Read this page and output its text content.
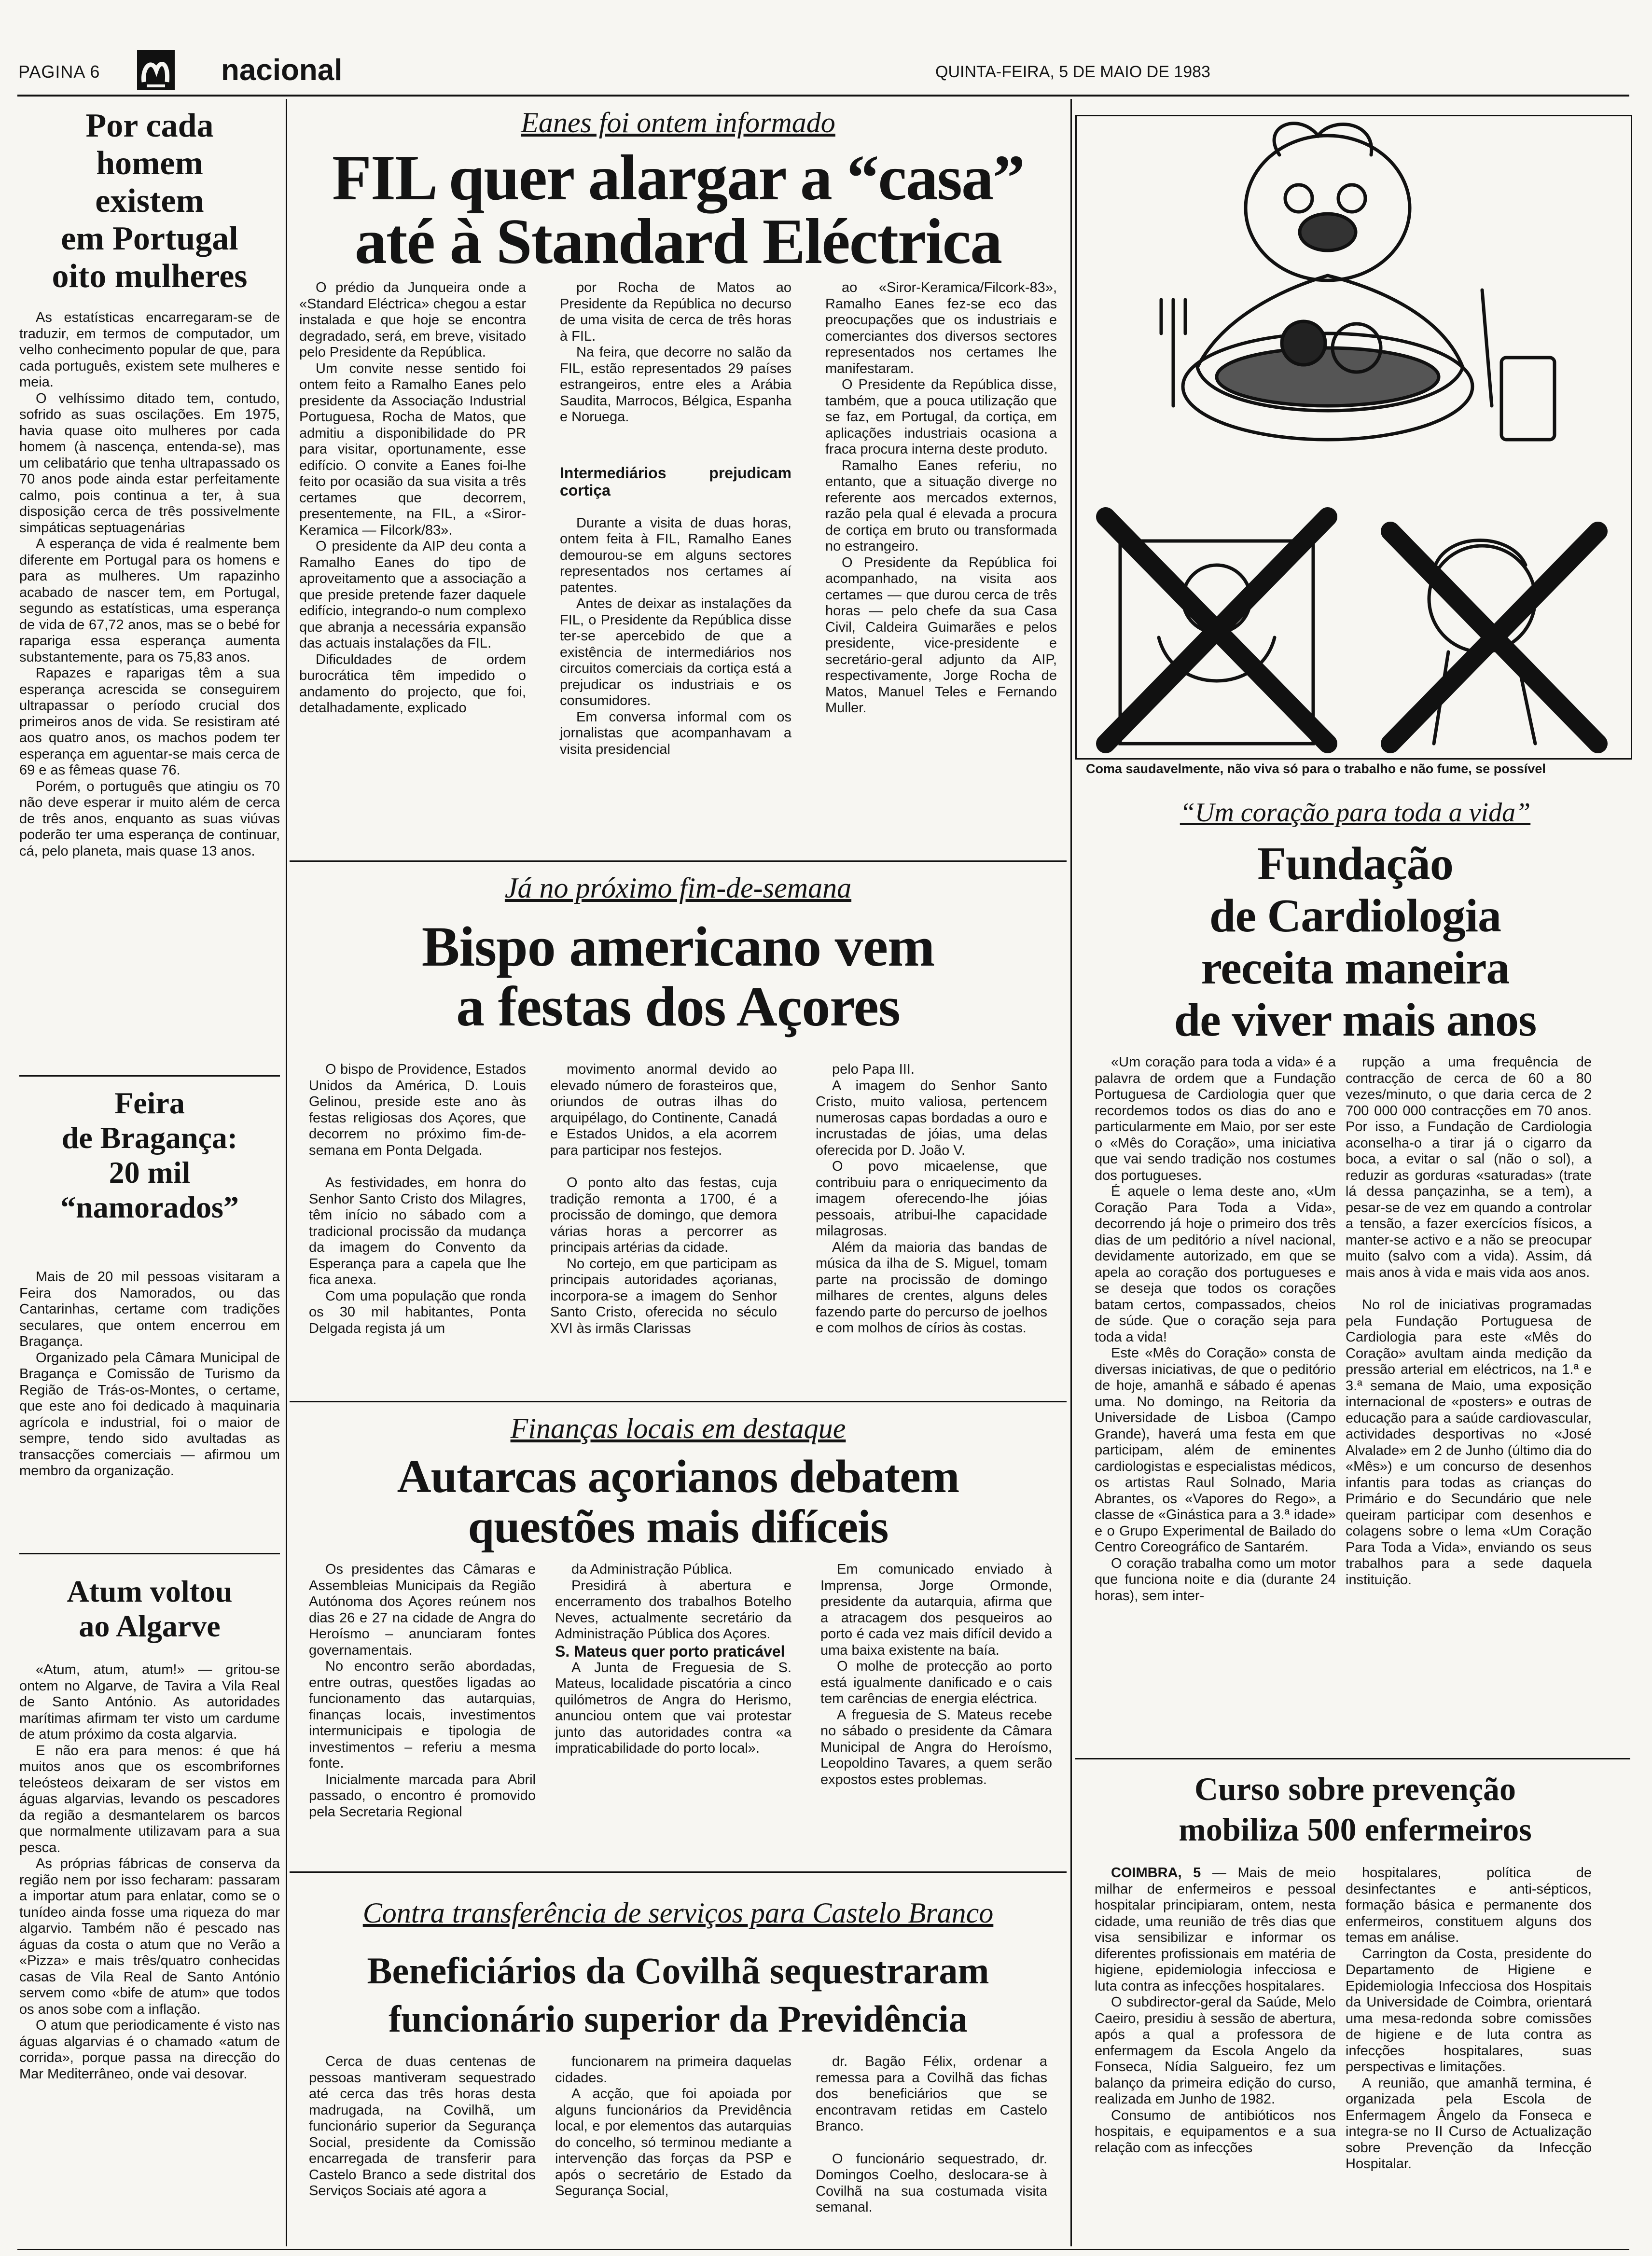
PAGINA 6	nacional	QUINTA-FEIRA, 5 DE MAIO DE 1983
Por cada
homem
existem
em Portugal
oito mulheres

As estatísticas encarregaram-se de traduzir, em termos de computador, um velho conhecimento popular de que, para cada português, existem sete mulheres e meia.

O velhíssimo ditado tem, contudo, sofrido as suas oscilações. Em 1975, havia quase oito mulheres por cada homem (à nascença, entenda-se), mas um celibatário que tenha ultrapassado os 70 anos pode ainda estar perfeitamente calmo, pois continua a ter, à sua disposição cerca de três possivelmente simpáticas septuagenárias

A esperança de vida é realmente bem diferente em Portugal para os homens e para as mulheres. Um rapazinho acabado de nascer tem, em Portugal, segundo as estatísticas, uma esperança de vida de 67,72 anos, mas se o bebé for rapariga essa esperança aumenta substantemente, para os 75,83 anos.

Rapazes e raparigas têm a sua esperança acrescida se conseguirem ultrapassar o período crucial dos primeiros anos de vida. Se resistiram até aos quatro anos, os machos podem ter esperança em aguentar-se mais cerca de 69 e as fêmeas quase 76.

Porém, o português que atingiu os 70 não deve esperar ir muito além de cerca de três anos, enquanto as suas viúvas poderão ter uma esperança de continuar, cá, pelo planeta, mais quase 13 anos.

Feira
de Bragança:
20 mil
“namorados”

Mais de 20 mil pessoas visitaram a Feira dos Namorados, ou das Cantarinhas, certame com tradições seculares, que ontem encerrou em Bragança.

Organizado pela Câmara Municipal de Bragança e Comissão de Turismo da Região de Trás-os-Montes, o certame, que este ano foi dedicado à maquinaria agrícola e industrial, foi o maior de sempre, tendo sido avultadas as transacções comerciais — afirmou um membro da organização.

Atum voltou
ao Algarve

«Atum, atum, atum!» — gritou-se ontem no Algarve, de Tavira a Vila Real de Santo António. As autoridades marítimas afirmam ter visto um cardume de atum próximo da costa algarvia.

E não era para menos: é que há muitos anos que os escombrifornes teleósteos deixaram de ser vistos em águas algarvias, levando os pescadores da região a desmantelarem os barcos que normalmente utilizavam para a sua pesca.

As próprias fábricas de conserva da região nem por isso fecharam: passaram a importar atum para enlatar, como se o tunídeo ainda fosse uma riqueza do mar algarvio. Também não é pescado nas águas da costa o atum que no Verão a «Pizza» e mais três/quatro conhecidas casas de Vila Real de Santo António servem como «bife de atum» que todos os anos sobe com a inflação.

O atum que periodicamente é visto nas águas algarvias é o chamado «atum de corrida», porque passa na direcção do Mar Mediterrâneo, onde vai desovar.

Eanes foi ontem informado
FIL quer alargar a “casa”
até à Standard Eléctrica

O prédio da Junqueira onde a «Standard Eléctrica» chegou a estar instalada e que hoje se encontra degradado, será, em breve, visitado pelo Presidente da República.

Um convite nesse sentido foi ontem feito a Ramalho Eanes pelo presidente da Associação Industrial Portuguesa, Rocha de Matos, que admitiu a disponibilidade do PR para visitar, oportunamente, esse edifício. O convite a Eanes foi-lhe feito por ocasião da sua visita a três certames que decorrem, presentemente, na FIL, a «Siror-Keramica — Filcork/83».

O presidente da AIP deu conta a Ramalho Eanes do tipo de aproveitamento que a associação a que preside pretende fazer daquele edifício, integrando-o num complexo que abranja a necessária expansão das actuais instalações da FIL.

Dificuldades de ordem burocrática têm impedido o andamento do projecto, que foi, detalhadamente, explicado

por Rocha de Matos ao Presidente da República no decurso de uma visita de cerca de três horas à FIL.

Na feira, que decorre no salão da FIL, estão representados 29 países estrangeiros, entre eles a Arábia Saudita, Marrocos, Bélgica, Espanha e Noruega.

Intermediários prejudicam cortiça

Durante a visita de duas horas, ontem feita à FIL, Ramalho Eanes demourou-se em alguns sectores representados nos certames aí patentes.

Antes de deixar as instalações da FIL, o Presidente da República disse ter-se apercebido de que a existência de intermediários nos circuitos comerciais da cortiça está a prejudicar os industriais e os consumidores.

Em conversa informal com os jornalistas que acompanhavam a visita presidencial

ao «Siror-Keramica/Filcork-83», Ramalho Eanes fez-se eco das preocupações que os industriais e comerciantes dos diversos sectores representados nos certames lhe manifestaram.

O Presidente da República disse, também, que a pouca utilização que se faz, em Portugal, da cortiça, em aplicações industriais ocasiona a fraca procura interna deste produto.

Ramalho Eanes referiu, no entanto, que a situação diverge no referente aos mercados externos, razão pela qual é elevada a procura de cortiça em bruto ou transformada no estrangeiro.

O Presidente da República foi acompanhado, na visita aos certames — que durou cerca de três horas — pelo chefe da sua Casa Civil, Caldeira Guimarães e pelos presidente, vice-presidente e secretário-geral adjunto da AIP, respectivamente, Jorge Rocha de Matos, Manuel Teles e Fernando Muller.

Já no próximo fim-de-semana
Bispo americano vem
a festas dos Açores

O bispo de Providence, Estados Unidos da América, D. Louis Gelinou, preside este ano às festas religiosas dos Açores, que decorrem no próximo fim-de-semana em Ponta Delgada.

As festividades, em honra do Senhor Santo Cristo dos Milagres, têm início no sábado com a tradicional procissão da mudança da imagem do Convento da Esperança para a capela que lhe fica anexa.

Com uma população que ronda os 30 mil habitantes, Ponta Delgada regista já um

movimento anormal devido ao elevado número de forasteiros que, oriundos de outras ilhas do arquipélago, do Continente, Canadá e Estados Unidos, a ela acorrem para participar nos festejos.

O ponto alto das festas, cuja tradição remonta a 1700, é a procissão de domingo, que demora várias horas a percorrer as principais artérias da cidade.

No cortejo, em que participam as principais autoridades açorianas, incorpora-se a imagem do Senhor Santo Cristo, oferecida no século XVI às irmãs Clarissas

pelo Papa III.

A imagem do Senhor Santo Cristo, muito valiosa, pertencem numerosas capas bordadas a ouro e incrustadas de jóias, uma delas oferecida por D. João V.

O povo micaelense, que contribuiu para o enriquecimento da imagem oferecendo-lhe jóias pessoais, atribui-lhe capacidade milagrosas.

Além da maioria das bandas de música da ilha de S. Miguel, tomam parte na procissão de domingo milhares de crentes, alguns deles fazendo parte do percurso de joelhos e com molhos de círios às costas.

Finanças locais em destaque
Autarcas açorianos debatem
questões mais difíceis

Os presidentes das Câmaras e Assembleias Municipais da Região Autónoma dos Açores reúnem nos dias 26 e 27 na cidade de Angra do Heroísmo – anunciaram fontes governamentais.

No encontro serão abordadas, entre outras, questões ligadas ao funcionamento das autarquias, finanças locais, investimentos intermunicipais e tipologia de investimentos – referiu a mesma fonte.

Inicialmente marcada para Abril passado, o encontro é promovido pela Secretaria Regional

da Administração Pública.

Presidirá à abertura e encerramento dos trabalhos Botelho Neves, actualmente secretário da Administração Pública dos Açores.

S. Mateus quer porto praticável

A Junta de Freguesia de S. Mateus, localidade piscatória a cinco quilómetros de Angra do Herismo, anunciou ontem que vai protestar junto das autoridades contra «a impraticabilidade do porto local».

Em comunicado enviado à Imprensa, Jorge Ormonde, presidente da autarquia, afirma que a atracagem dos pesqueiros ao porto é cada vez mais difícil devido a uma baixa existente na baía.

O molhe de protecção ao porto está igualmente danificado e o cais tem carências de energia eléctrica.

A freguesia de S. Mateus recebe no sábado o presidente da Câmara Municipal de Angra do Heroísmo, Leopoldino Tavares, a quem serão expostos estes problemas.

Contra transferência de serviços para Castelo Branco
Beneficiários da Covilhã sequestraram
funcionário superior da Previdência

Cerca de duas centenas de pessoas mantiveram sequestrado até cerca das três horas desta madrugada, na Covilhã, um funcionário superior da Segurança Social, presidente da Comissão encarregada de transferir para Castelo Branco a sede distrital dos Serviços Sociais até agora a

funcionarem na primeira daquelas cidades.

A acção, que foi apoiada por alguns funcionários da Previdência local, e por elementos das autarquias do concelho, só terminou mediante a intervenção das forças da PSP e após o secretário de Estado da Segurança Social,

dr. Bagão Félix, ordenar a remessa para a Covilhã das fichas dos beneficiários que se encontravam retidas em Castelo Branco.

O funcionário sequestrado, dr. Domingos Coelho, deslocara-se à Covilhã na sua costumada visita semanal.

Coma saudavelmente, não viva só para o trabalho e não fume, se possível
“Um coração para toda a vida”
Fundação
de Cardiologia
receita maneira
de viver mais anos

«Um coração para toda a vida» é a palavra de ordem que a Fundação Portuguesa de Cardiologia quer que recordemos todos os dias do ano e particularmente em Maio, por ser este o «Mês do Coração», uma iniciativa que vai sendo tradição nos costumes dos portugueses.

É aquele o lema deste ano, «Um Coração Para Toda a Vida», decorrendo já hoje o primeiro dos três dias de um peditório a nível nacional, devidamente autorizado, em que se apela ao coração dos portugueses e se deseja que todos os corações batam certos, compassados, cheios de súde. Que o coração seja para toda a vida!

Este «Mês do Coração» consta de diversas iniciativas, de que o peditório de hoje, amanhã e sábado é apenas uma. No domingo, na Reitoria da Universidade de Lisboa (Campo Grande), haverá uma festa em que participam, além de eminentes cardiologistas e especialistas médicos, os artistas Raul Solnado, Maria Abrantes, os «Vapores do Rego», a classe de «Ginástica para a 3.ª idade» e o Grupo Experimental de Bailado do Centro Coreográfico de Santarém.

O coração trabalha como um motor que funciona noite e dia (durante 24 horas), sem inter-

rupção a uma frequência de contracção de cerca de 60 a 80 vezes/minuto, o que daria cerca de 2 700 000 000 contracções em 70 anos. Por isso, a Fundação de Cardiologia aconselha-o a tirar já o cigarro da boca, a evitar o sal (não o sol), a reduzir as gorduras «saturadas» (trate lá dessa pançazinha, se a tem), a pesar-se de vez em quando a controlar a tensão, a fazer exercícios físicos, a manter-se activo e a não se preocupar muito (salvo com a vida). Assim, dá mais anos à vida e mais vida aos anos.

No rol de iniciativas programadas pela Fundação Portuguesa de Cardiologia para este «Mês do Coração» avultam ainda medição da pressão arterial em eléctricos, na 1.ª e 3.ª semana de Maio, uma exposição internacional de «posters» e outras de educação para a saúde cardiovascular, actividades desportivas no «José Alvalade» em 2 de Junho (último dia do «Mês») e um concurso de desenhos infantis para todas as crianças do Primário e do Secundário que nele queiram participar com desenhos e colagens sobre o lema «Um Coração Para Toda a Vida», enviando os seus trabalhos para a sede daquela instituição.

Curso sobre prevenção
mobiliza 500 enfermeiros

COIMBRA, 5 — Mais de meio milhar de enfermeiros e pessoal hospitalar principiaram, ontem, nesta cidade, uma reunião de três dias que visa sensibilizar e informar os diferentes profissionais em matéria de higiene, epidemiologia infecciosa e luta contra as infecções hospitalares.

O subdirector-geral da Saúde, Melo Caeiro, presidiu à sessão de abertura, após a qual a professora de enfermagem da Escola Angelo da Fonseca, Nídia Salgueiro, fez um balanço da primeira edição do curso, realizada em Junho de 1982.

Consumo de antibióticos nos hospitais, e equipamentos e a sua relação com as infecções

hospitalares, política de desinfectantes e anti-sépticos, formação básica e permanente dos enfermeiros, constituem alguns dos temas em análise.

Carrington da Costa, presidente do Departamento de Higiene e Epidemiologia Infecciosa dos Hospitais da Universidade de Coimbra, orientará uma mesa-redonda sobre comissões de higiene e de luta contra as infecções hospitalares, suas perspectivas e limitações.

A reunião, que amanhã termina, é organizada pela Escola de Enfermagem Ângelo da Fonseca e integra-se no II Curso de Actualização sobre Prevenção da Infecção Hospitalar.
